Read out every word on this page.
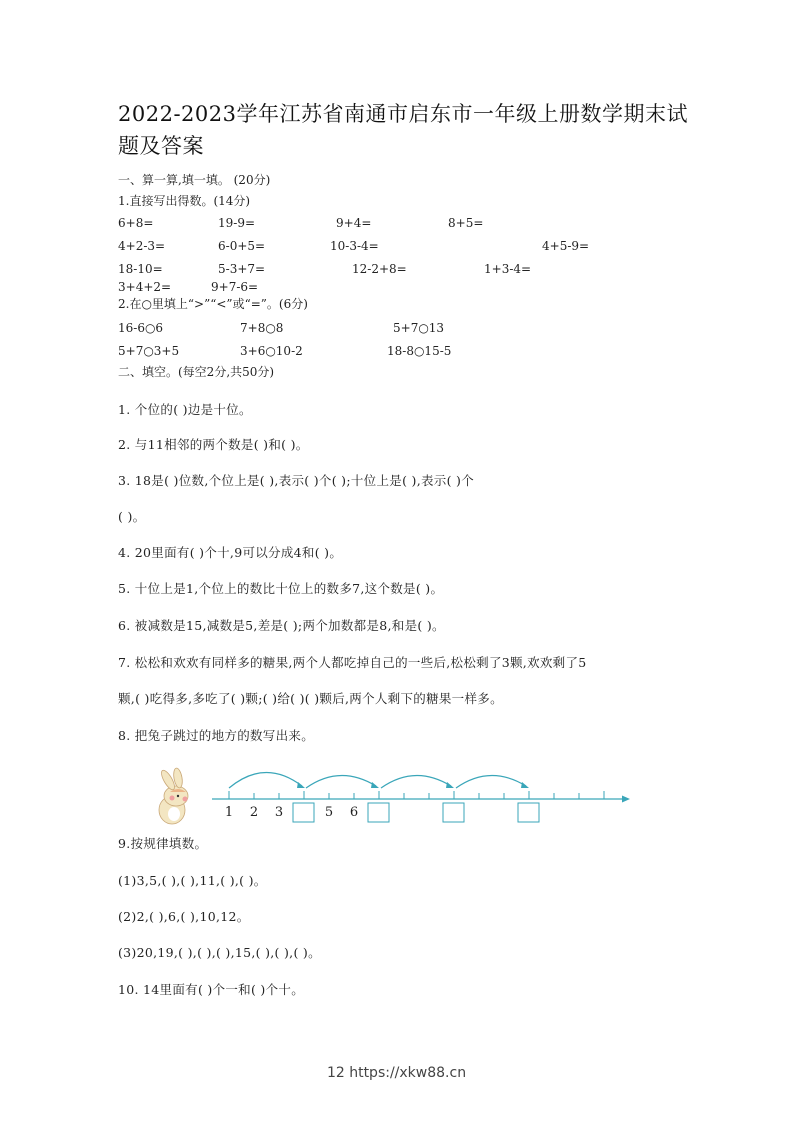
2022-2023学年江苏省南通市启东市一年级上册数学期末试
题及答案
一、算一算,填一填。 (20分)
1.直接写出得数。(14分)
6+8=	19-9=	9+4=	8+5=
4+2-3=	6-0+5=	10-3-4=	4+5-9=
18-10=	5-3+7=	12-2+8=	1+3-4=
3+4+2=	9+7-6=
2.在○里填上“>”“<”或“=”。(6分)
16-6○6	7+8○8	5+7○13
5+7○3+5	3+6○10-2	18-8○15-5
二、填空。(每空2分,共50分)
1. 个位的( )边是十位。
2. 与11相邻的两个数是( )和( )。
3. 18是( )位数,个位上是( ),表示( )个( );十位上是( ),表示( )个
( )。
4. 20里面有( )个十,9可以分成4和( )。
5. 十位上是1,个位上的数比十位上的数多7,这个数是( )。
6. 被减数是15,减数是5,差是( );两个加数都是8,和是( )。
7. 松松和欢欢有同样多的糖果,两个人都吃掉自己的一些后,松松剩了3颗,欢欢剩了5
颗,( )吃得多,多吃了( )颗;( )给( )( )颗后,两个人剩下的糖果一样多。
8. 把兔子跳过的地方的数写出来。
1 2 3	5 6
9.按规律填数。
(1)3,5,( ),( ),11,( ),( )。
(2)2,( ),6,( ),10,12。
(3)20,19,( ),( ),( ),15,( ),( ),( )。
10. 14里面有( )个一和( )个十。
12 https://xkw88.cn
